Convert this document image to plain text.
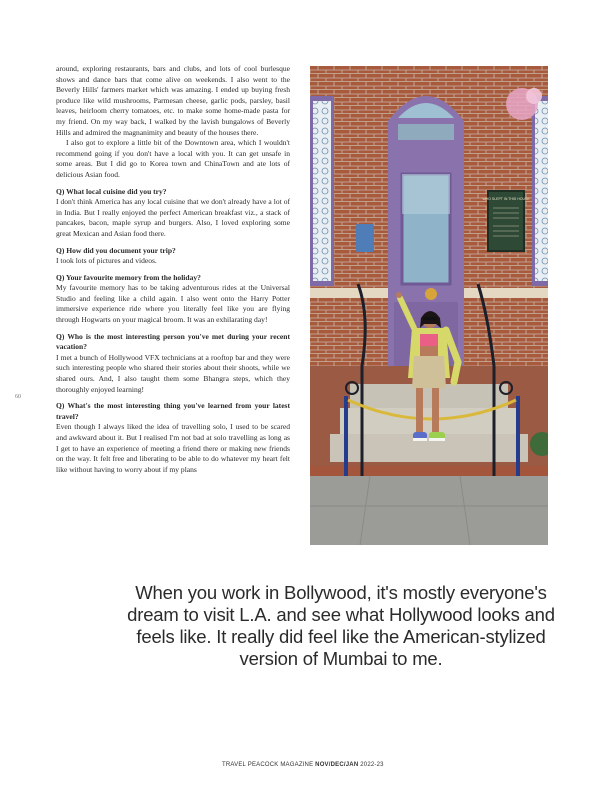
around, exploring restaurants, bars and clubs, and lots of cool burlesque shows and dance bars that come alive on weekends. I also went to the Beverly Hills' farmers market which was amazing. I ended up buying fresh produce like wild mushrooms, Parmesan cheese, garlic pods, parsley, basil leaves, heirloom cherry tomatoes, etc. to make some home-made pasta for my friend. On my way back, I walked by the lavish bungalows of Beverly Hills and admired the magnanimity and beauty of the houses there.

I also got to explore a little bit of the Downtown area, which I wouldn't recommend going if you don't have a local with you. It can get unsafe in some areas. But I did go to Korea town and ChinaTown and ate lots of delicious Asian food.

Q) What local cuisine did you try?

I don't think America has any local cuisine that we don't already have a lot of in India. But I really enjoyed the perfect American breakfast viz., a stack of pancakes, bacon, maple syrup and burgers. Also, I loved exploring some great Mexican and Asian food there.

Q) How did you document your trip?

I took lots of pictures and videos.

Q) Your favourite memory from the holiday?

My favourite memory has to be taking adventurous rides at the Universal Studio and feeling like a child again. I also went onto the Harry Potter immersive experience ride where you literally feel like you are flying through Hogwarts on your magical broom. It was an exhilarating day!

Q) Who is the most interesting person you've met during your recent vacation?

I met a bunch of Hollywood VFX technicians at a rooftop bar and they were such interesting people who shared their stories about their shoots, while we shared ours. And, I also taught them some Bhangra steps, which they thoroughly enjoyed learning!

Q) What's the most interesting thing you've learned from your latest travel?

Even though I always liked the idea of travelling solo, I used to be scared and awkward about it. But I realised I'm not bad at solo travelling as long as I get to have an experience of meeting a friend there or making new friends on the way. It felt free and liberating to be able to do whatever my heart felt like without having to worry about if my plans

60
WHO SLEPT IN THIS HOUSE
When you work in Bollywood, it's mostly everyone's dream to visit L.A. and see what Hollywood looks and feels like. It really did feel like the American-stylized version of Mumbai to me.
TRAVEL PEACOCK MAGAZINE NOV/DEC/JAN 2022-23
